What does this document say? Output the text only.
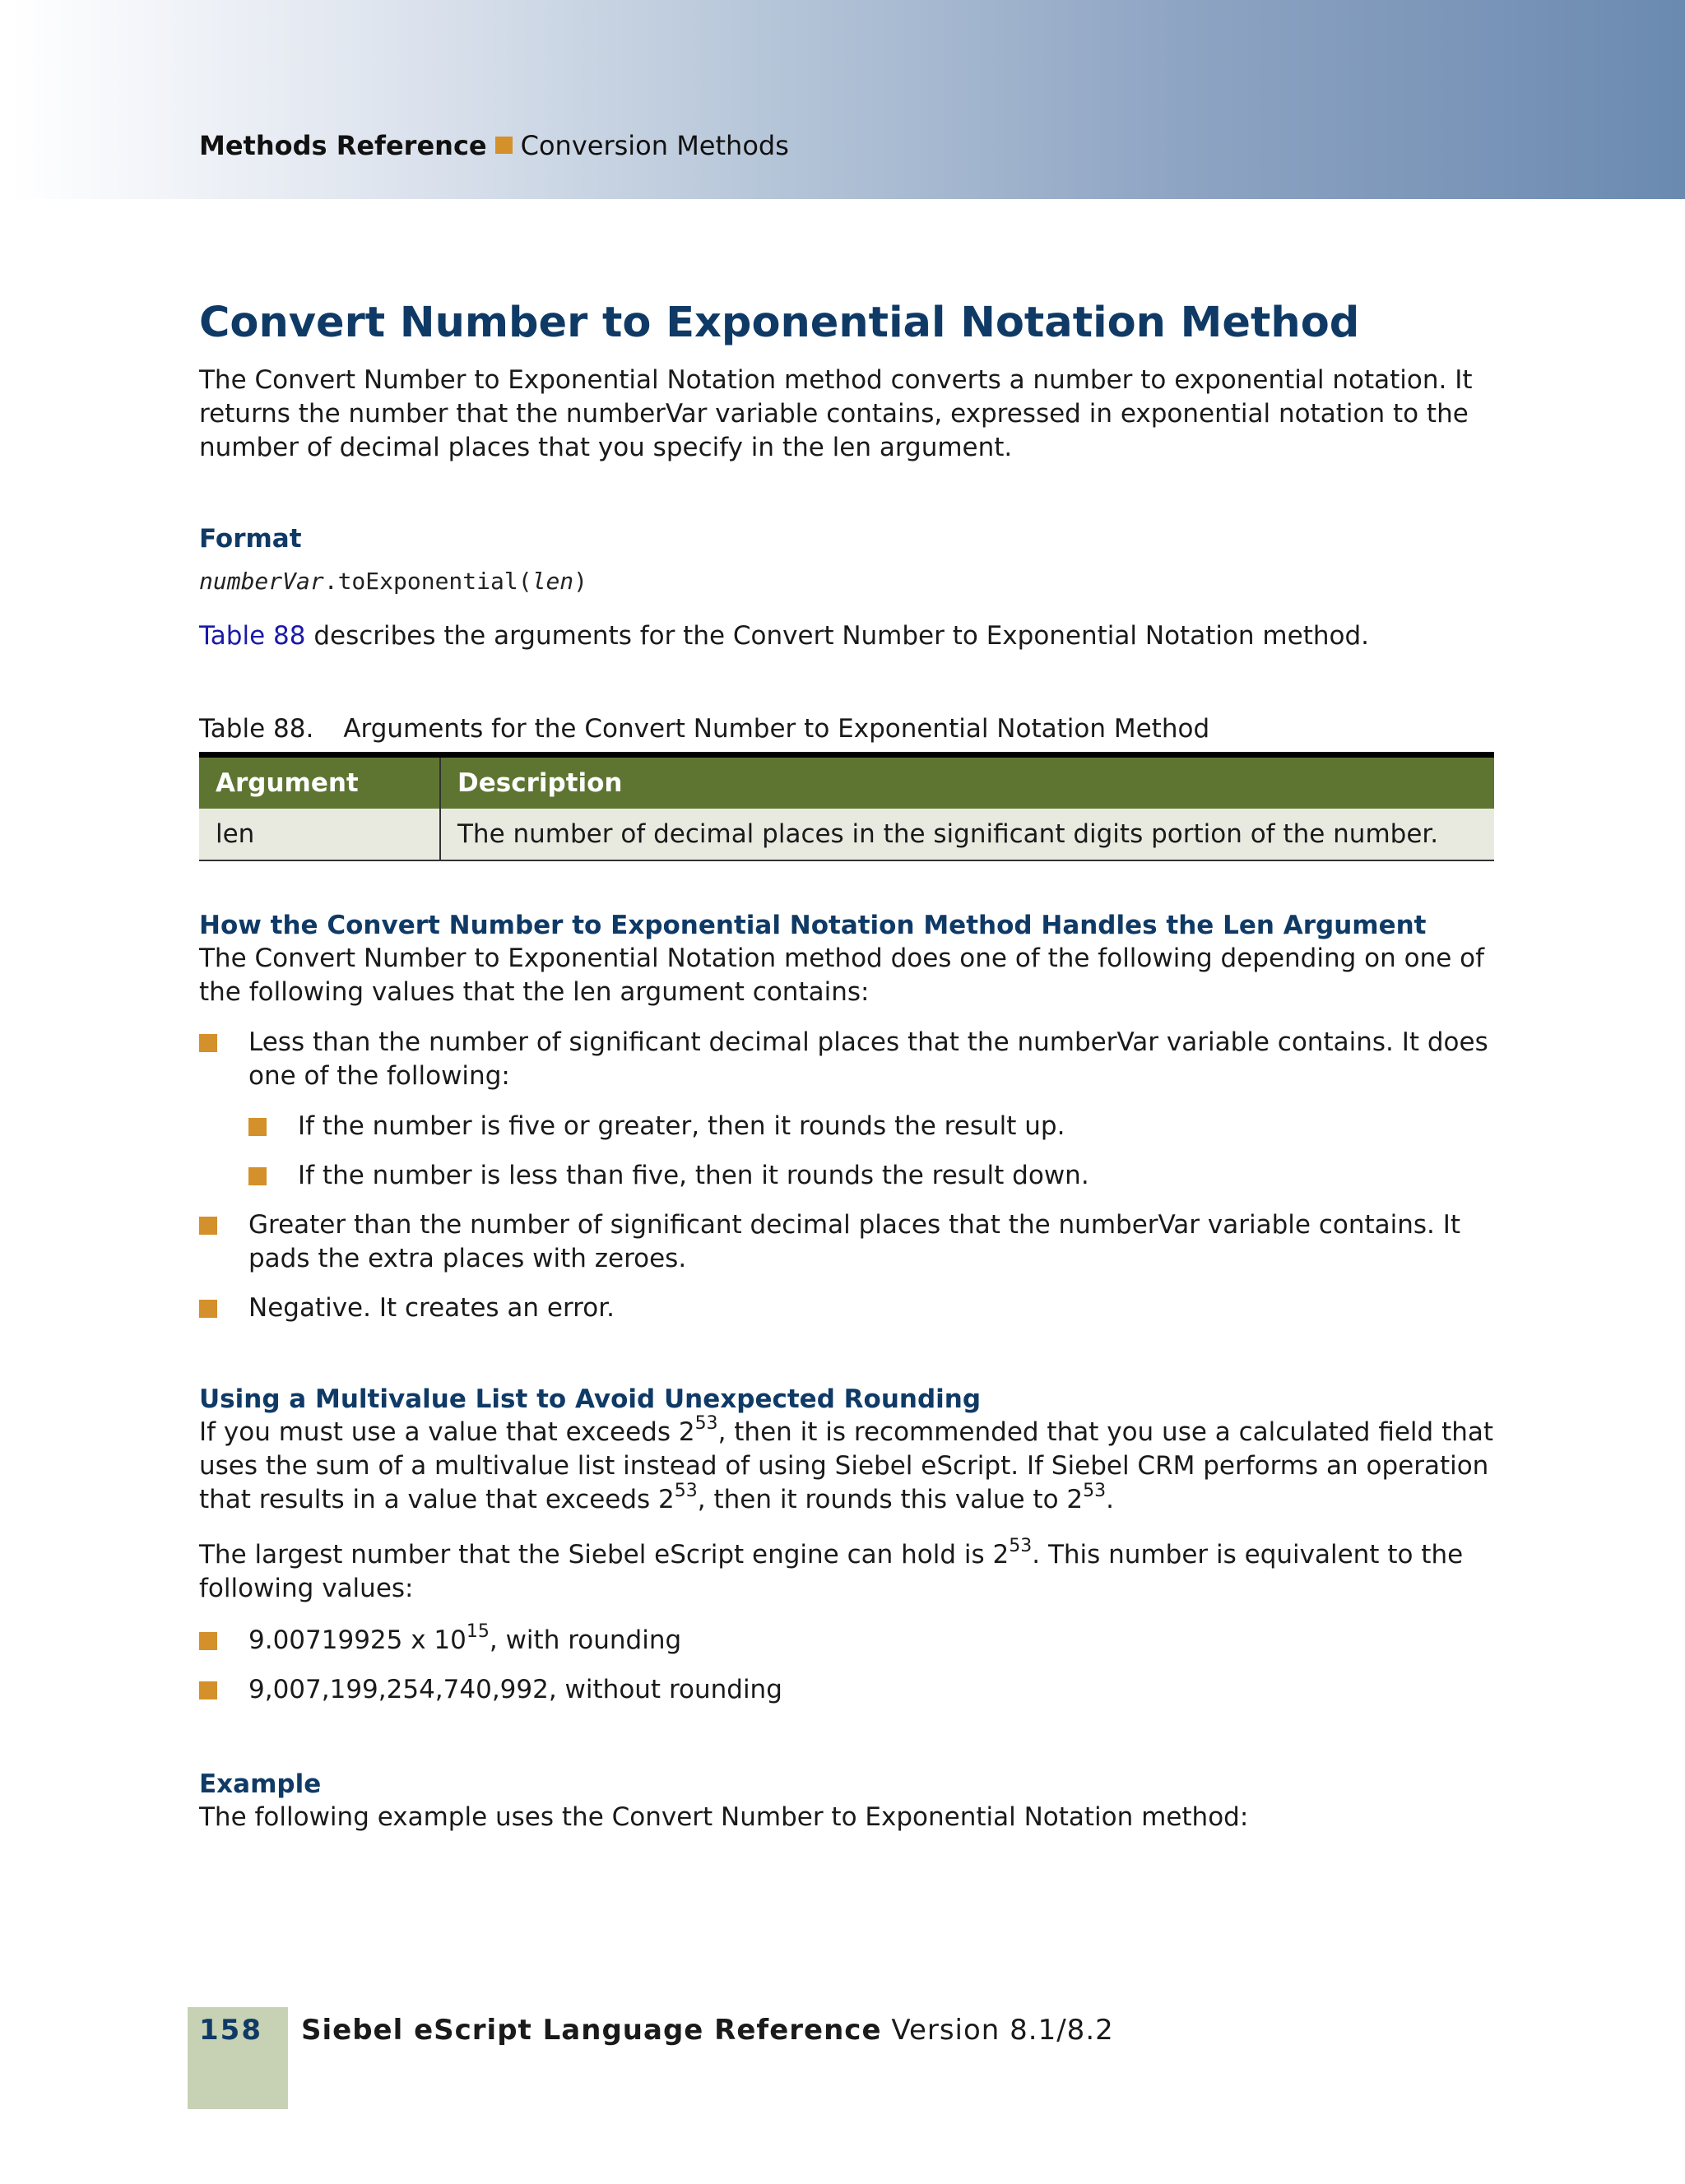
Methods Reference Conversion Methods
Convert Number to Exponential Notation Method

The Convert Number to Exponential Notation method converts a number to exponential notation. It returns the number that the numberVar variable contains, expressed in exponential notation to the number of decimal places that you specify in the len argument.

Format
numberVar.toExponential(len)

Table 88 describes the arguments for the Convert Number to Exponential Notation method.

Table 88. Arguments for the Convert Number to Exponential Notation Method
Argument	Description
len	The number of decimal places in the significant digits portion of the number.
How the Convert Number to Exponential Notation Method Handles the Len Argument

The Convert Number to Exponential Notation method does one of the following depending on one of the following values that the len argument contains:

Less than the number of significant decimal places that the numberVar variable contains. It does one of the following:
If the number is five or greater, then it rounds the result up.
If the number is less than five, then it rounds the result down.
Greater than the number of significant decimal places that the numberVar variable contains. It pads the extra places with zeroes.
Negative. It creates an error.
Using a Multivalue List to Avoid Unexpected Rounding

If you must use a value that exceeds $2^{53}$, then it is recommended that you use a calculated field that uses the sum of a multivalue list instead of using Siebel eScript. If Siebel CRM performs an operation that results in a value that exceeds $2^{53}$, then it rounds this value to $2^{53}$.

The largest number that the Siebel eScript engine can hold is $2^{53}$. This number is equivalent to the following values:

9.00719925 x $10^{15}$, with rounding
9,007,199,254,740,992, without rounding
Example

The following example uses the Convert Number to Exponential Notation method:

158 Siebel eScript Language Reference Version 8.1/8.2
